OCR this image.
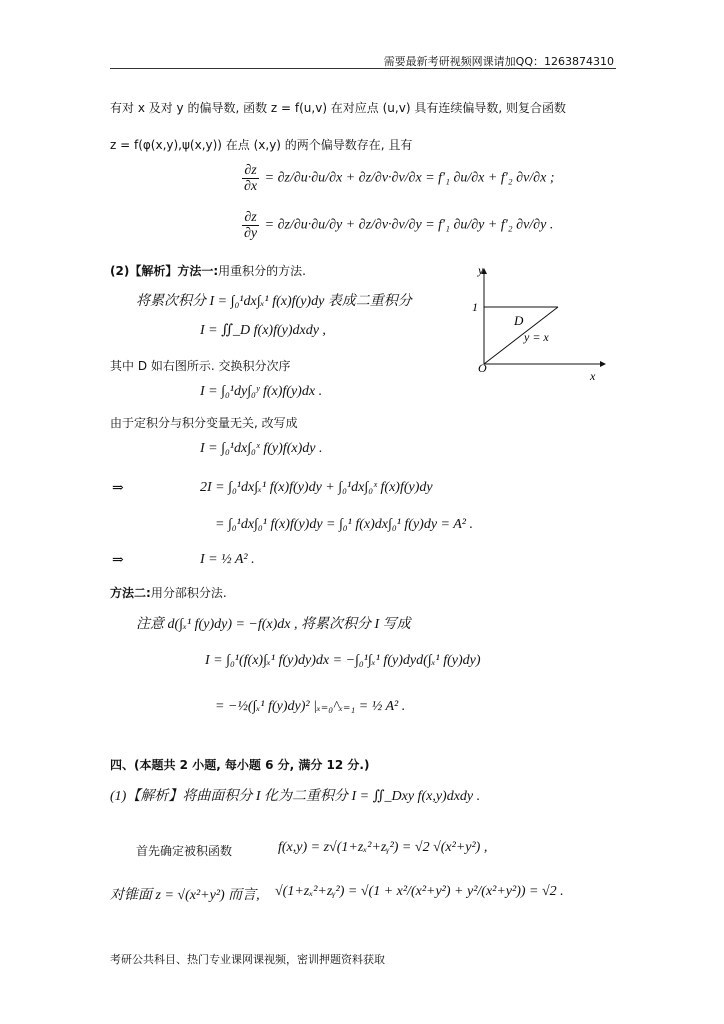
需要最新考研视频网课请加QQ：1263874310
有对 x 及对 y 的偏导数, 函数 z = f(u,v) 在对应点 (u,v) 具有连续偏导数, 则复合函数
z = f(φ(x,y),ψ(x,y)) 在点 (x,y) 的两个偏导数存在, 且有
$\frac{\partial z}{\partial x} = \partial z/\partial u\cdot\partial u/\partial x + \partial z/\partial v\cdot\partial v/\partial x = f'_1$ ∂u/∂x + f′₂ ∂v/∂x ;
$\frac{\partial z}{\partial y} = \partial z/\partial u\cdot\partial u/\partial y + \partial z/\partial v\cdot\partial v/\partial y = f'_1$ ∂u/∂y + f′₂ ∂v/∂y .
(2)【解析】方法一:用重积分的方法.
将累次积分 I = ∫₀¹dx∫ₓ¹ f(x)f(y)dy 表成二重积分
I = ∬_D f(x)f(y)dxdy ,
其中 D 如右图所示. 交换积分次序
I = ∫₀¹dy∫₀ʸ f(x)f(y)dx .
由于定积分与积分变量无关, 改写成
I = ∫₀¹dx∫₀ˣ f(y)f(x)dy .
⇒	2I = ∫₀¹dx∫ₓ¹ f(x)f(y)dy + ∫₀¹dx∫₀ˣ f(x)f(y)dy
= ∫₀¹dx∫₀¹ f(x)f(y)dy = ∫₀¹ f(x)dx∫₀¹ f(y)dy = A² .
⇒	I = ½ A² .
方法二:用分部积分法.
注意 d(∫ₓ¹ f(y)dy) = −f(x)dx , 将累次积分 I 写成
I = ∫₀¹(f(x)∫ₓ¹ f(y)dy)dx = −∫₀¹∫ₓ¹ f(y)dyd(∫ₓ¹ f(y)dy)
= −½(∫ₓ¹ f(y)dy)² |ₓ₌₀^ₓ₌₁ = ½ A² .
y
x
1
O
D
y = x
四、(本题共 2 小题, 每小题 6 分, 满分 12 分.)
(1)【解析】将曲面积分 I 化为二重积分 I = ∬_Dxy f(x,y)dxdy .
首先确定被积函数	f(x,y) = z√(1+zₓ²+zᵧ²) = √2 √(x²+y²) ,
对锥面 z = √(x²+y²) 而言, √(1+zₓ²+zᵧ²) = √(1 + x²/(x²+y²) + y²/(x²+y²)) = √2 .
考研公共科目、热门专业课网课视频，密训押题资料获取
